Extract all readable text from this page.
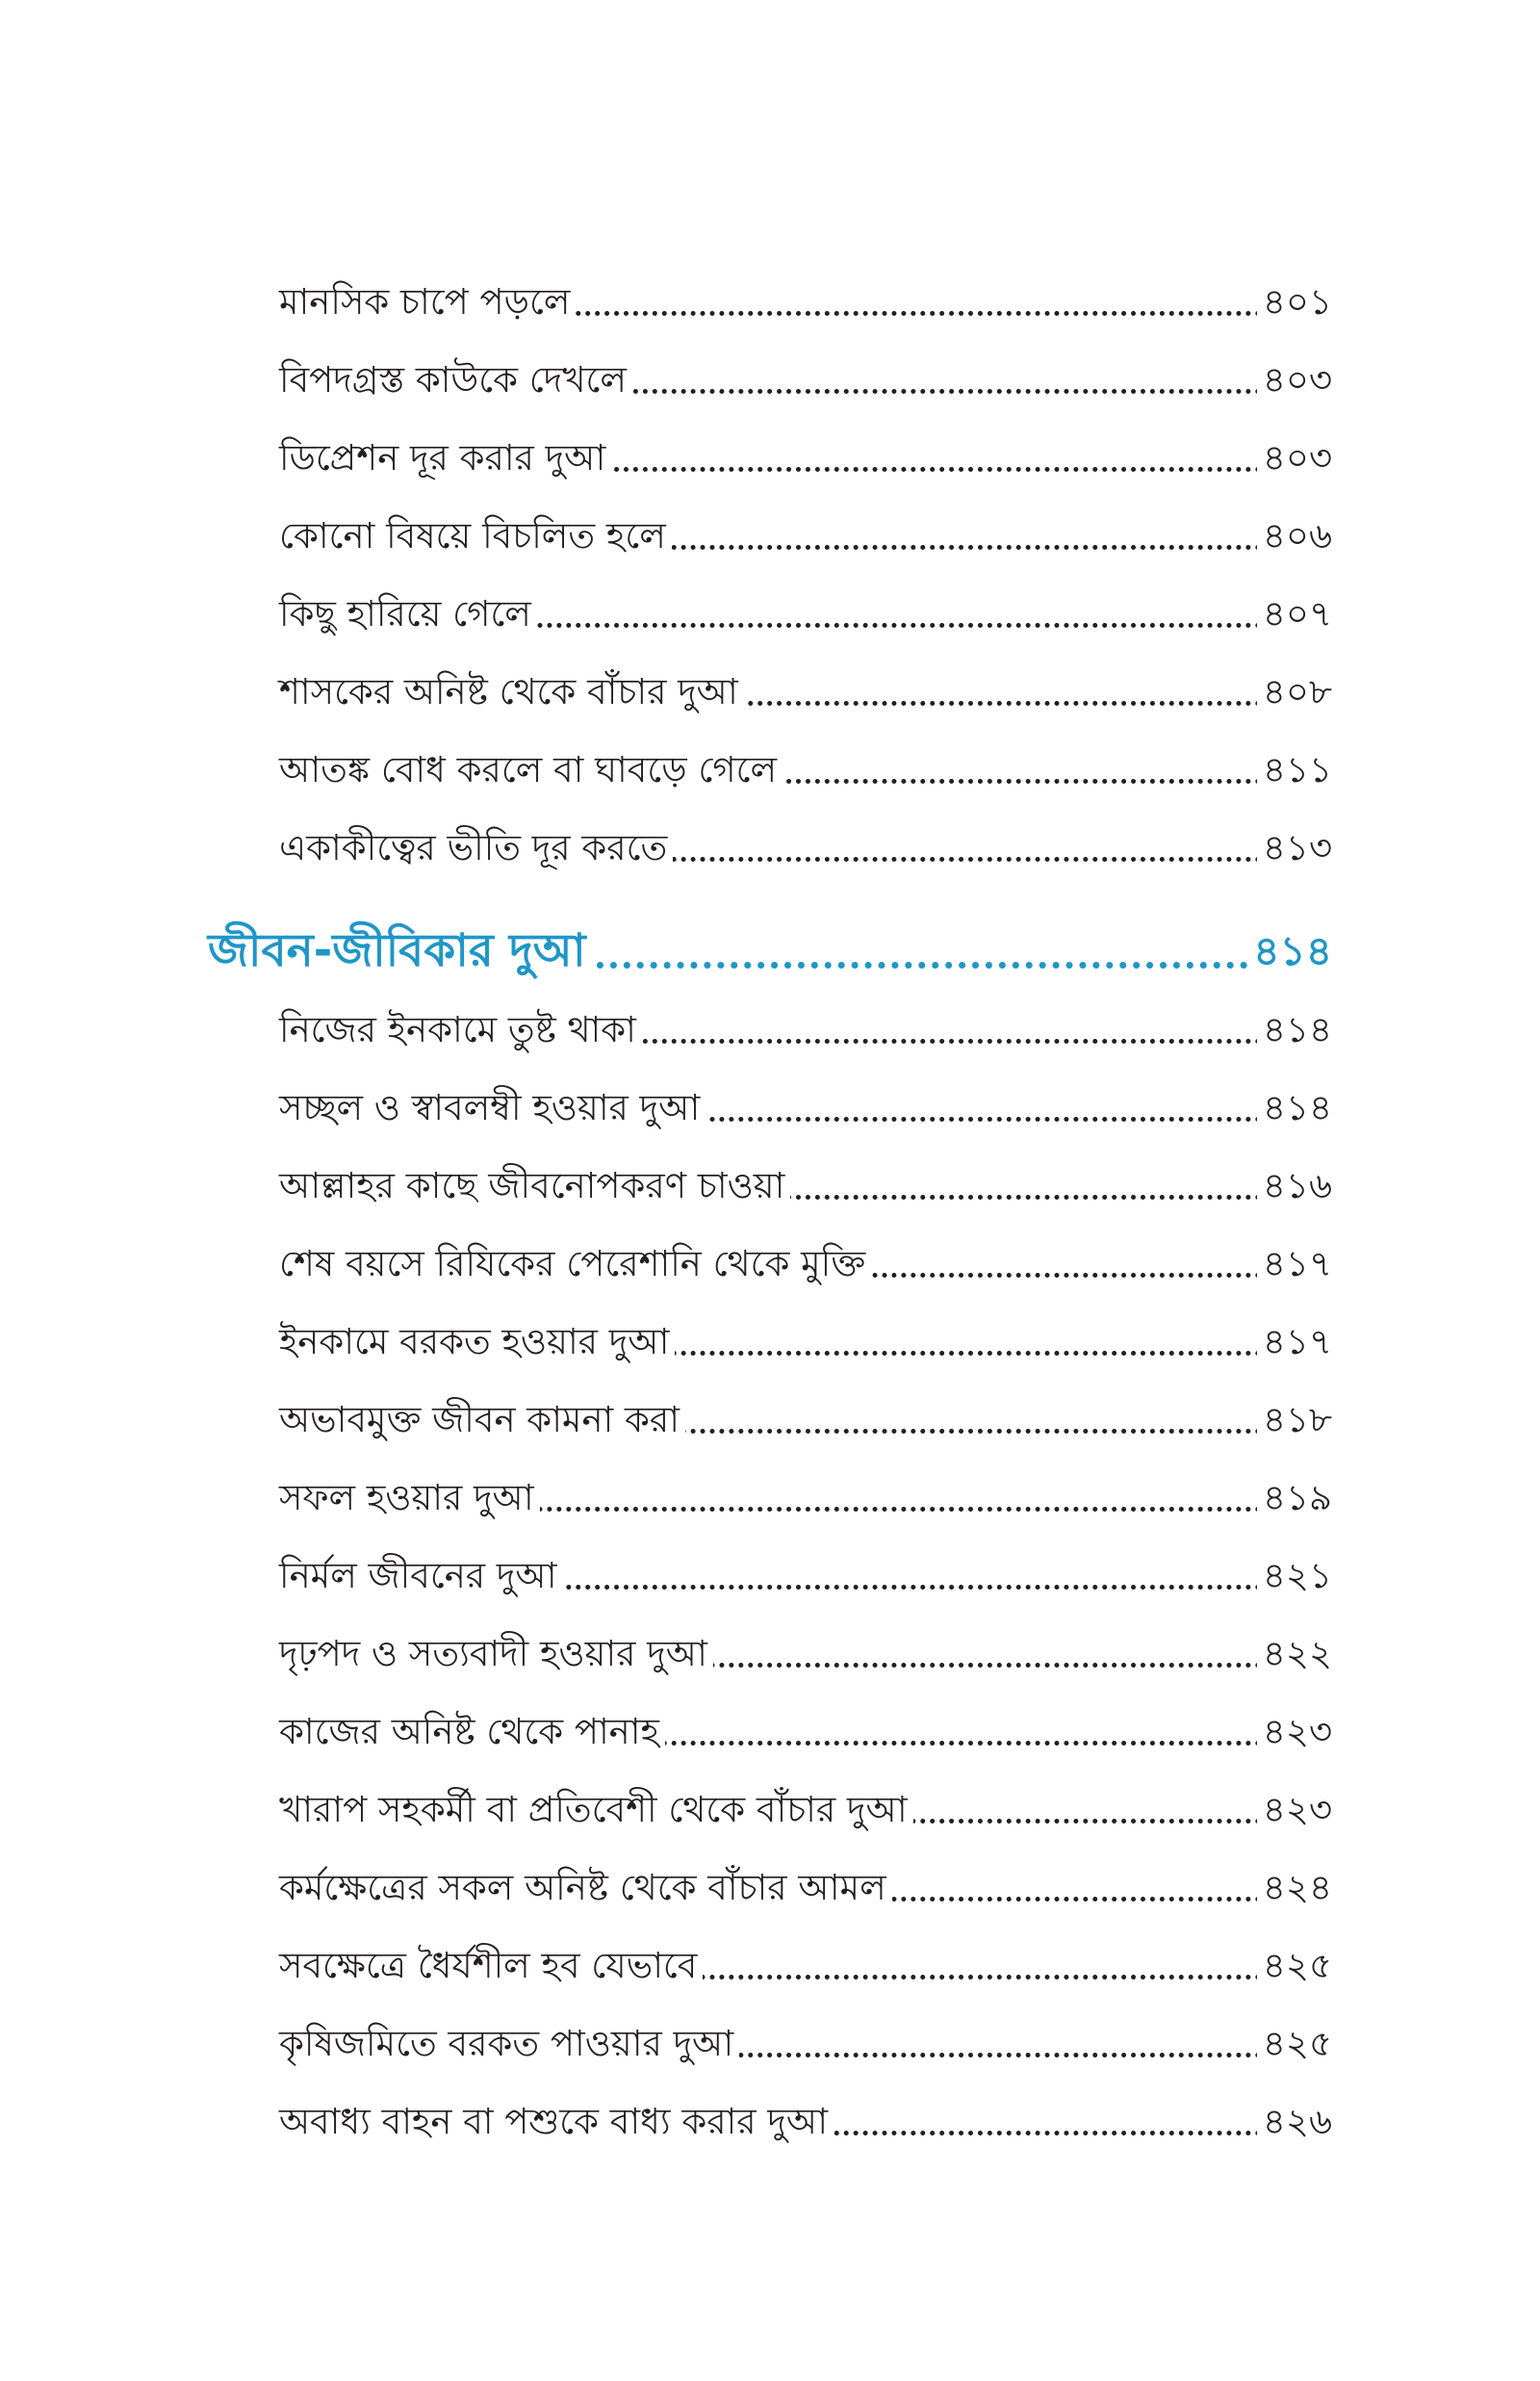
মানসিক চাপে পড়লে	৪০১
বিপদগ্রস্ত কাউকে দেখলে	৪০৩
ডিপ্রেশন দূর করার দুআ	৪০৩
কোনো বিষয়ে বিচলিত হলে	৪০৬
কিছু হারিয়ে গেলে	৪০৭
শাসকের অনিষ্ট থেকে বাঁচার দুআ	৪০৮
আতঙ্ক বোধ করলে বা ঘাবড়ে গেলে	৪১১
একাকীত্বের ভীতি দূর করতে	৪১৩
জীবন-জীবিকার দুআ	৪১৪
নিজের ইনকামে তুষ্ট থাকা	৪১৪
সচ্ছল ও স্বাবলম্বী হওয়ার দুআ	৪১৪
আল্লাহর কাছে জীবনোপকরণ চাওয়া	৪১৬
শেষ বয়সে রিযিকের পেরেশানি থেকে মুক্তি	৪১৭
ইনকামে বরকত হওয়ার দুআ	৪১৭
অভাবমুক্ত জীবন কামনা করা	৪১৮
সফল হওয়ার দুআ	৪১৯
নির্মল জীবনের দুআ	৪২১
দৃঢ়পদ ও সত্যবাদী হওয়ার দুআ	৪২২
কাজের অনিষ্ট থেকে পানাহ	৪২৩
খারাপ সহকর্মী বা প্রতিবেশী থেকে বাঁচার দুআ	৪২৩
কর্মক্ষেত্রের সকল অনিষ্ট থেকে বাঁচার আমল	৪২৪
সবক্ষেত্রে ধৈর্যশীল হব যেভাবে	৪২৫
কৃষিজমিতে বরকত পাওয়ার দুআ	৪২৫
অবাধ্য বাহন বা পশুকে বাধ্য করার দুআ	৪২৬
